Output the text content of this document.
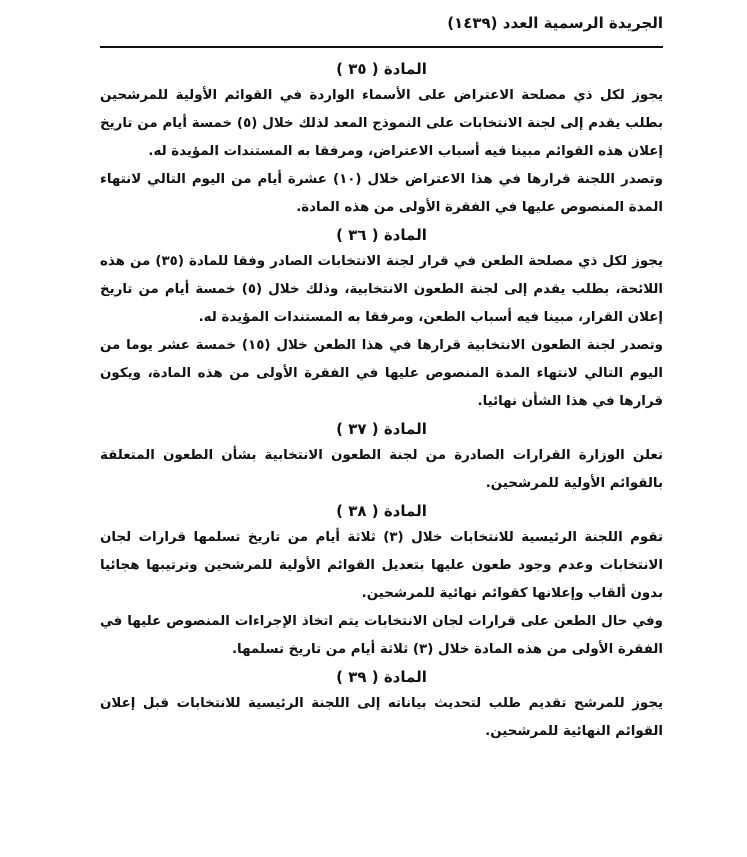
الجريدة الرسمية العدد (١٤٣٩)

المادة ( ٣٥ )

يجوز لكل ذي مصلحة الاعتراض على الأسماء الواردة في القوائم الأولية للمرشحين بطلب يقدم إلى لجنة الانتخابات على النموذج المعد لذلك خلال (٥) خمسة أيام من تاريخ إعلان هذه القوائم مبينا فيه أسباب الاعتراض، ومرفقا به المستندات المؤيدة له.

وتصدر اللجنة قرارها في هذا الاعتراض خلال (١٠) عشرة أيام من اليوم التالي لانتهاء المدة المنصوص عليها في الفقرة الأولى من هذه المادة.

المادة ( ٣٦ )

يجوز لكل ذي مصلحة الطعن في قرار لجنة الانتخابات الصادر وفقا للمادة (٣٥) من هذه اللائحة، بطلب يقدم إلى لجنة الطعون الانتخابية، وذلك خلال (٥) خمسة أيام من تاريخ إعلان القرار، مبينا فيه أسباب الطعن، ومرفقا به المستندات المؤيدة له.

وتصدر لجنة الطعون الانتخابية قرارها في هذا الطعن خلال (١٥) خمسة عشر يوما من اليوم التالي لانتهاء المدة المنصوص عليها في الفقرة الأولى من هذه المادة، ويكون قرارها في هذا الشأن نهائيا.

المادة ( ٣٧ )

تعلن الوزارة القرارات الصادرة من لجنة الطعون الانتخابية بشأن الطعون المتعلقة بالقوائم الأولية للمرشحين.

المادة ( ٣٨ )

تقوم اللجنة الرئيسية للانتخابات خلال (٣) ثلاثة أيام من تاريخ تسلمها قرارات لجان الانتخابات وعدم وجود طعون عليها بتعديل القوائم الأولية للمرشحين وترتيبها هجائيا بدون ألقاب وإعلانها كقوائم نهائية للمرشحين.

وفي حال الطعن على قرارات لجان الانتخابات يتم اتخاذ الإجراءات المنصوص عليها في الفقرة الأولى من هذه المادة خلال (٣) ثلاثة أيام من تاريخ تسلمها.

المادة ( ٣٩ )

يجوز للمرشح تقديم طلب لتحديث بياناته إلى اللجنة الرئيسية للانتخابات قبل إعلان القوائم النهائية للمرشحين.
